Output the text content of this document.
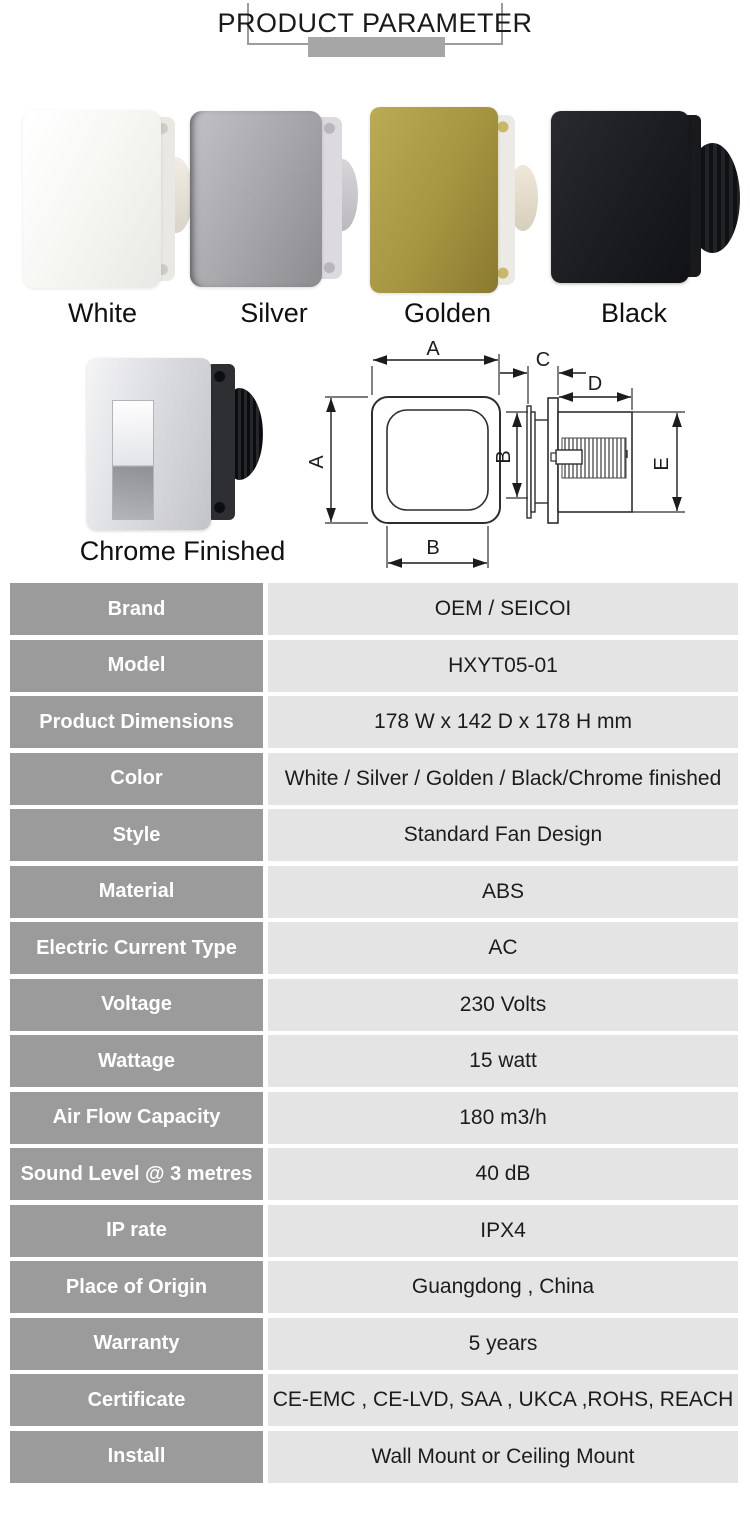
PRODUCT PARAMETER
White	Silver	Golden	Black
Chrome Finished
A
A
B
B
C
D
E
Brand	OEM / SEICOI
Model	HXYT05-01
Product Dimensions	178 W x 142 D x 178 H mm
Color	White / Silver / Golden / Black/Chrome finished
Style	Standard Fan Design
Material	ABS
Electric Current Type	AC
Voltage	230 Volts
Wattage	15 watt
Air Flow Capacity	180 m3/h
Sound Level @ 3 metres	40 dB
IP rate	IPX4
Place of Origin	Guangdong , China
Warranty	5 years
Certificate	CE-EMC , CE-LVD, SAA , UKCA ,ROHS, REACH
Install	Wall Mount or Ceiling Mount
